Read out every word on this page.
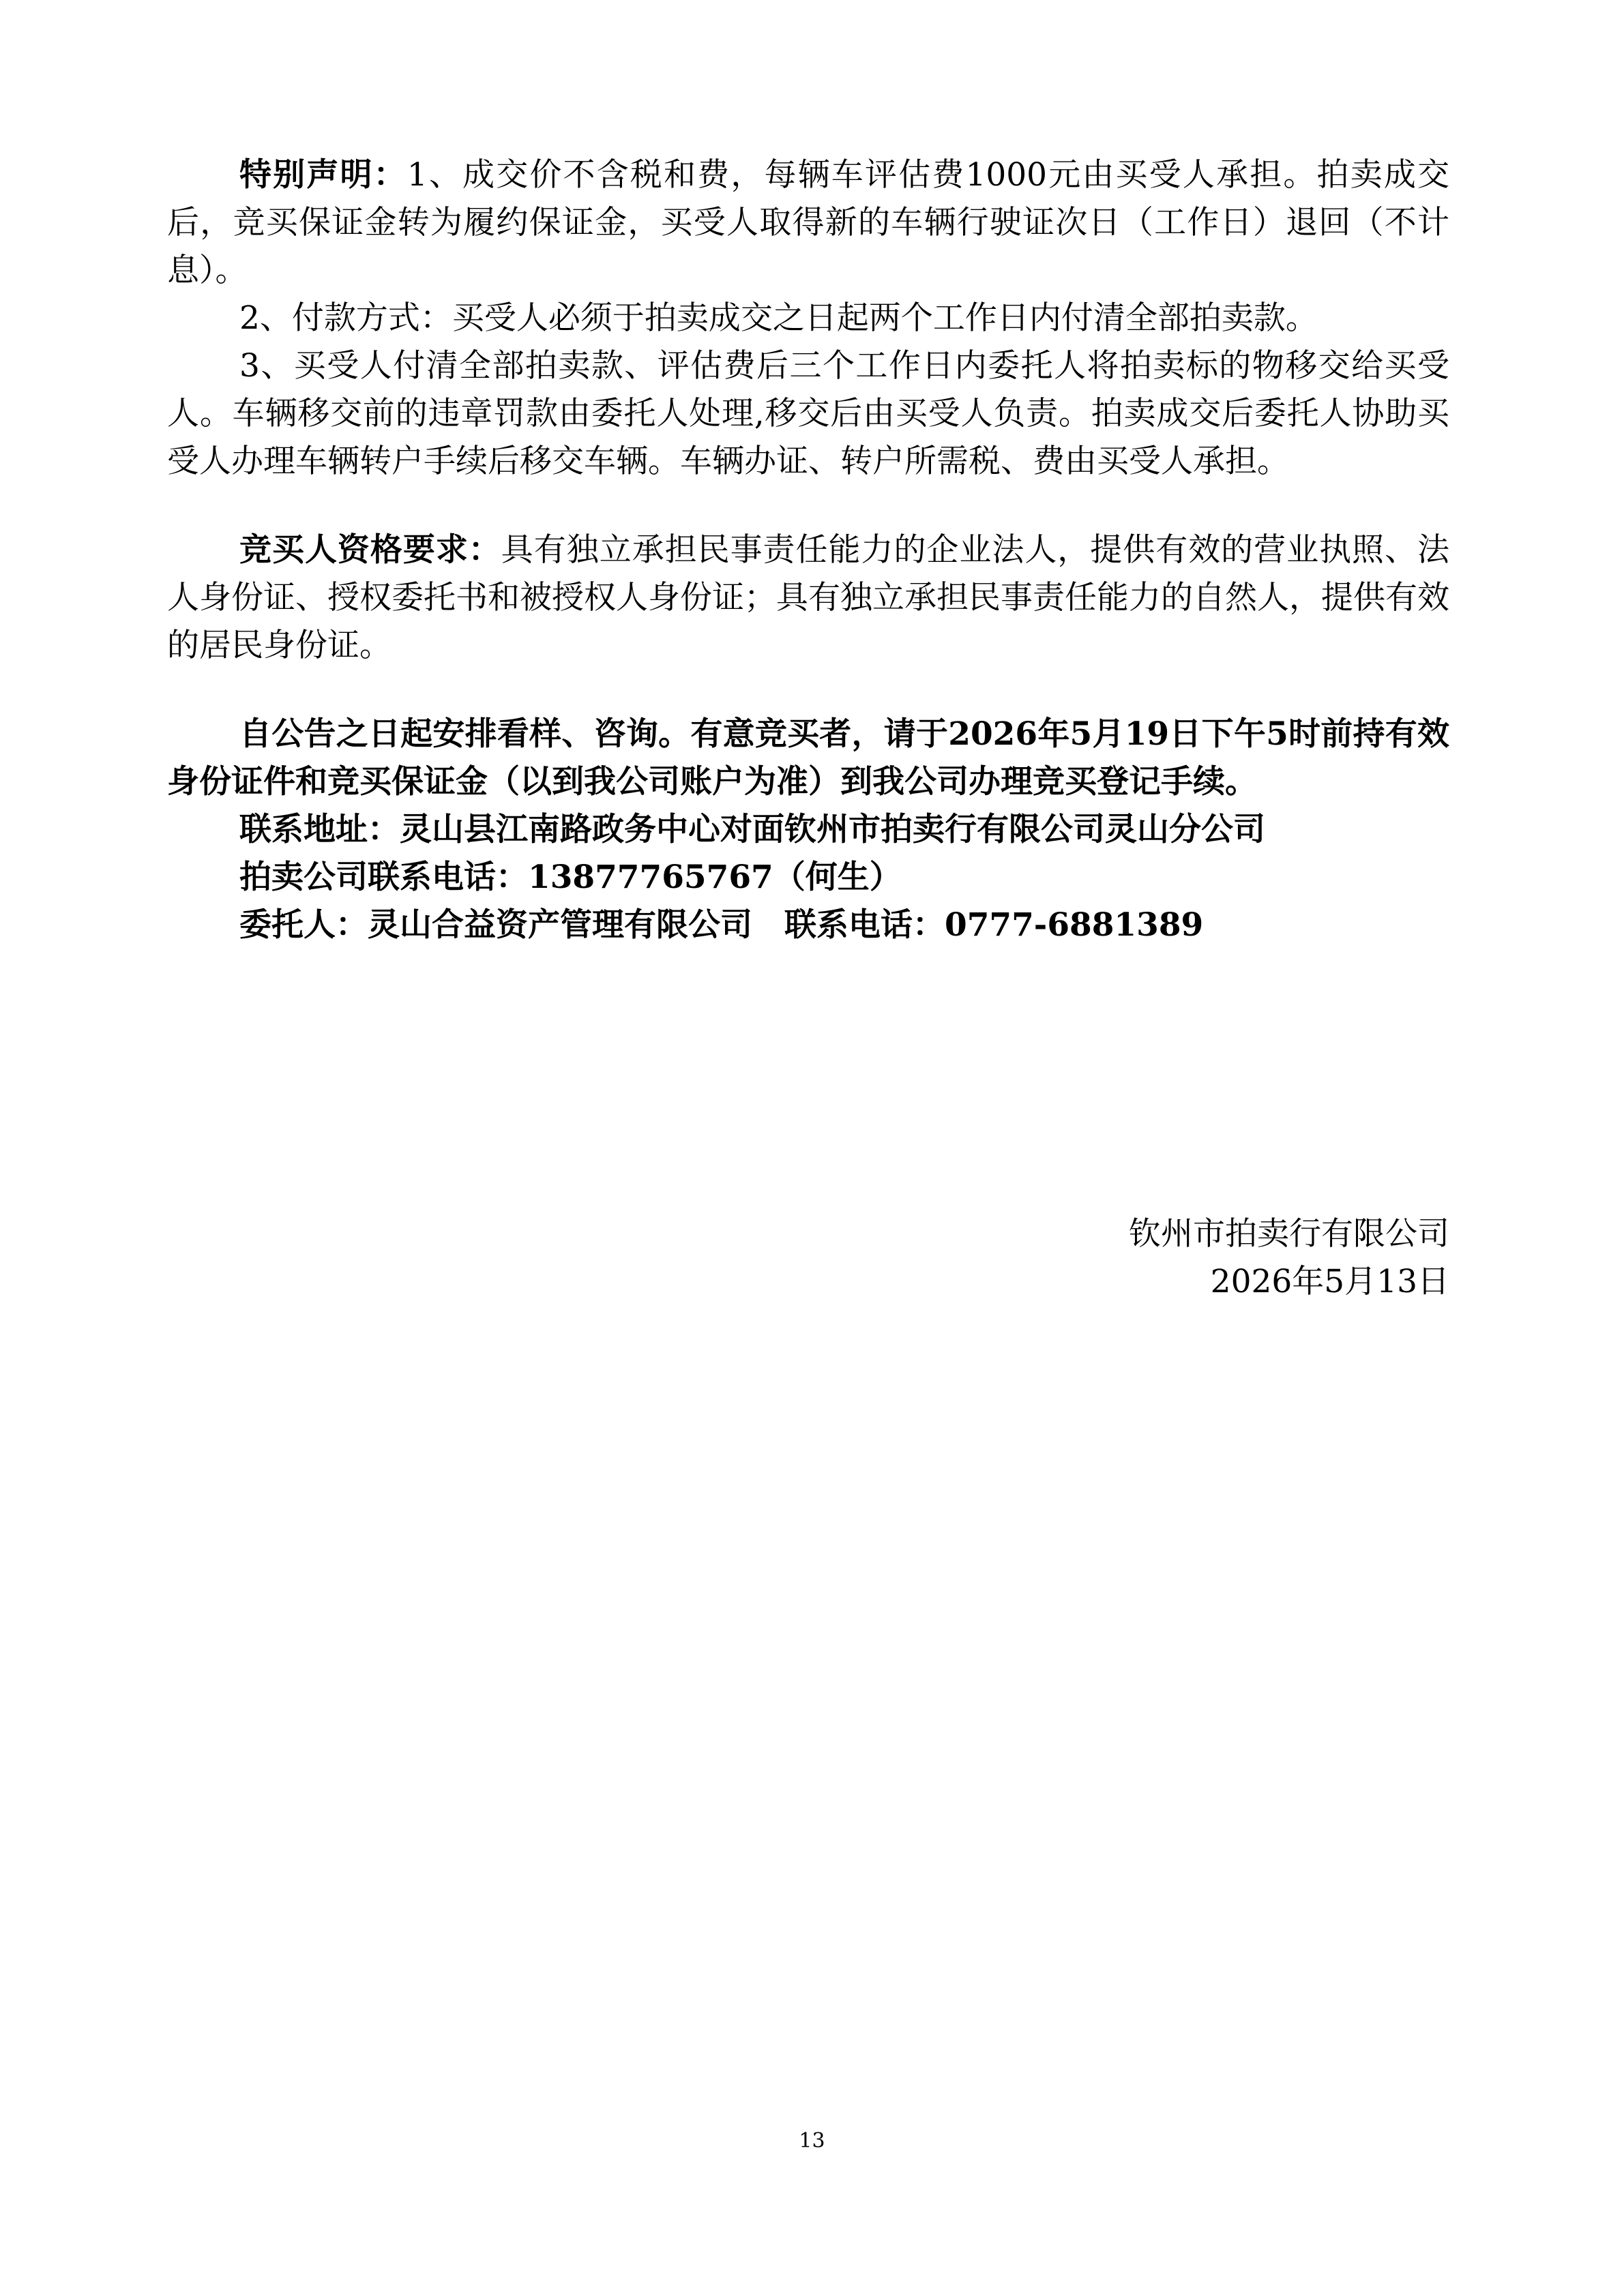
特别声明：1、成交价不含税和费，每辆车评估费1000元由买受人承担。拍卖成交后，竞买保证金转为履约保证金，买受人取得新的车辆行驶证次日（工作日）退回（不计息）。

2、付款方式：买受人必须于拍卖成交之日起两个工作日内付清全部拍卖款。

3、买受人付清全部拍卖款、评估费后三个工作日内委托人将拍卖标的物移交给买受人。车辆移交前的违章罚款由委托人处理,移交后由买受人负责。拍卖成交后委托人协助买受人办理车辆转户手续后移交车辆。车辆办证、转户所需税、费由买受人承担。

竞买人资格要求：具有独立承担民事责任能力的企业法人，提供有效的营业执照、法人身份证、授权委托书和被授权人身份证；具有独立承担民事责任能力的自然人，提供有效的居民身份证。

自公告之日起安排看样、咨询。有意竞买者，请于2026年5月19日下午5时前持有效身份证件和竞买保证金（以到我公司账户为准）到我公司办理竞买登记手续。

联系地址：灵山县江南路政务中心对面钦州市拍卖行有限公司灵山分公司

拍卖公司联系电话：13877765767（何生）

委托人：灵山合益资产管理有限公司　联系电话：0777-6881389

钦州市拍卖行有限公司
2026年5月13日
13
